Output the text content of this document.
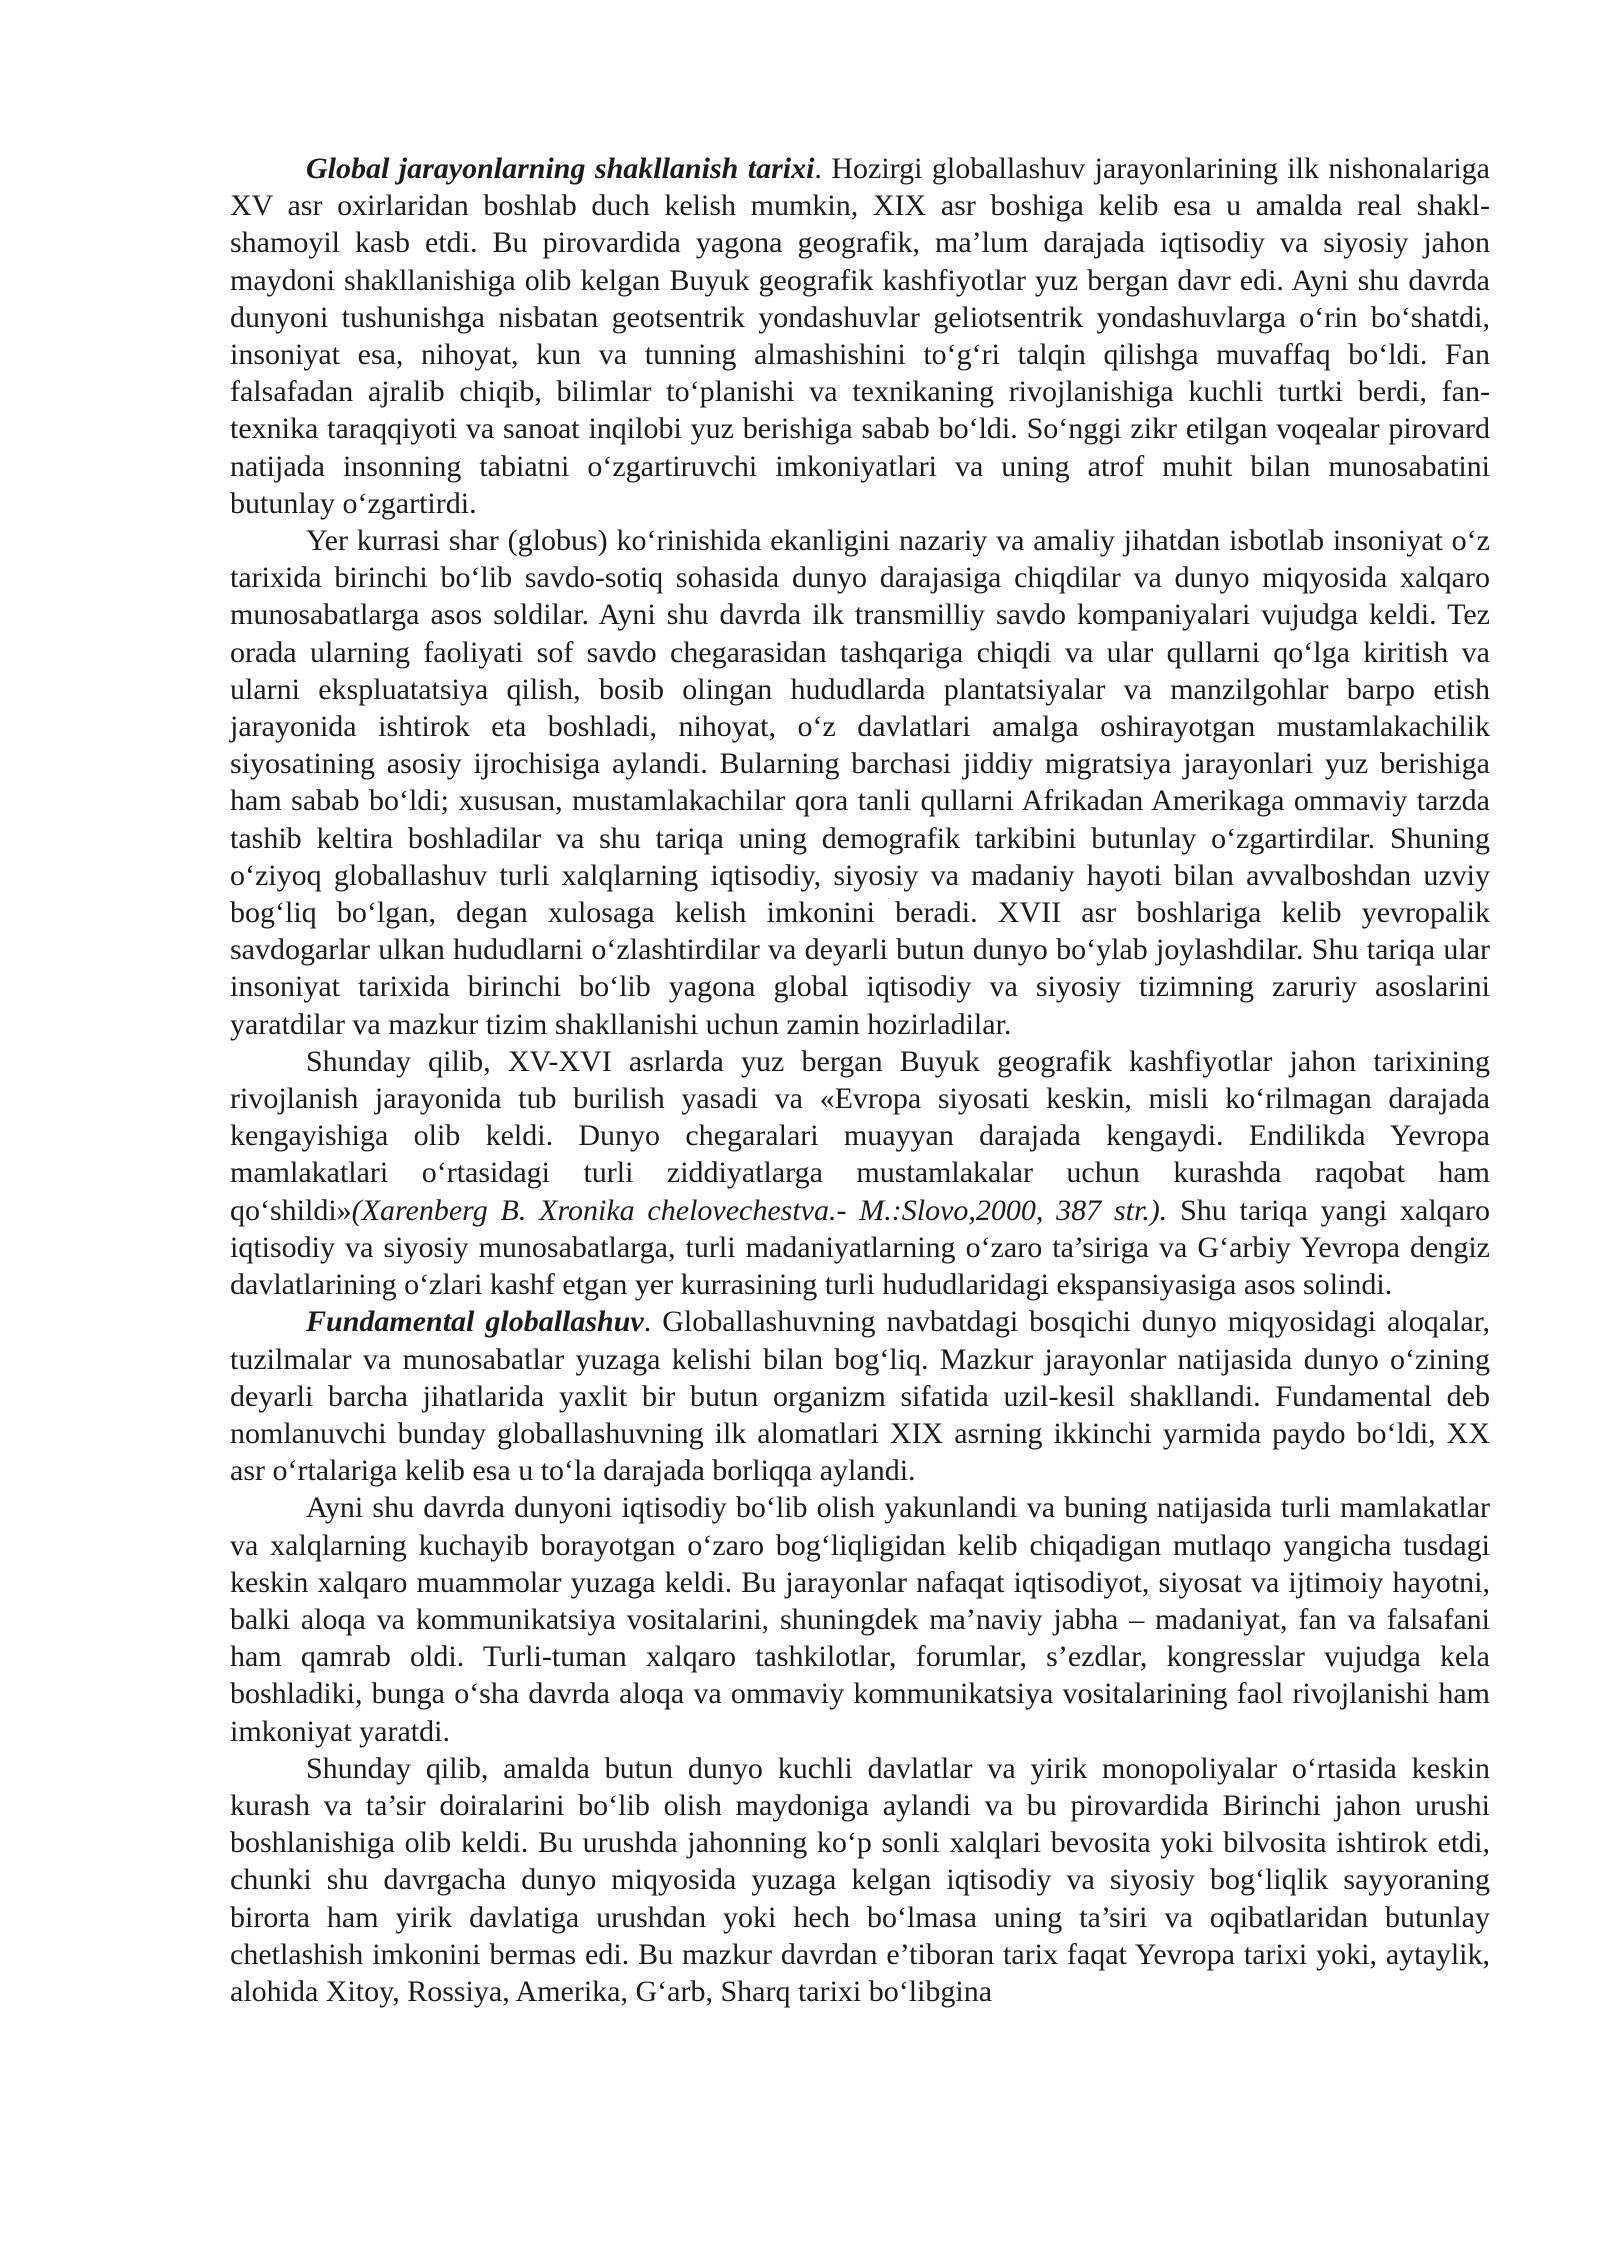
Global jarayonlarning shakllanish tarixi. Hozirgi globallashuv jarayonlarining ilk nishonalariga XV asr oxirlaridan boshlab duch kelish mumkin, XIX asr boshiga kelib esa u amalda real shakl-shamoyil kasb etdi. Bu pirovardida yagona geografik, ma’lum darajada iqtisodiy va siyosiy jahon maydoni shakllanishiga olib kelgan Buyuk geografik kashfiyotlar yuz bergan davr edi. Ayni shu davrda dunyoni tushunishga nisbatan geotsentrik yondashuvlar geliotsentrik yondashuvlarga o‘rin bo‘shatdi, insoniyat esa, nihoyat, kun va tunning almashishini to‘g‘ri talqin qilishga muvaffaq bo‘ldi. Fan falsafadan ajralib chiqib, bilimlar to‘planishi va texnikaning rivojlanishiga kuchli turtki berdi, fan-texnika taraqqiyoti va sanoat inqilobi yuz berishiga sabab bo‘ldi. So‘nggi zikr etilgan voqealar pirovard natijada insonning tabiatni o‘zgartiruvchi imkoniyatlari va uning atrof muhit bilan munosabatini butunlay o‘zgartirdi.

Yer kurrasi shar (globus) ko‘rinishida ekanligini nazariy va amaliy jihatdan isbotlab insoniyat o‘z tarixida birinchi bo‘lib savdo-sotiq sohasida dunyo darajasiga chiqdilar va dunyo miqyosida xalqaro munosabatlarga asos soldilar. Ayni shu davrda ilk transmilliy savdo kompaniyalari vujudga keldi. Tez orada ularning faoliyati sof savdo chegarasidan tashqariga chiqdi va ular qullarni qo‘lga kiritish va ularni ekspluatatsiya qilish, bosib olingan hududlarda plantatsiyalar va manzilgohlar barpo etish jarayonida ishtirok eta boshladi, nihoyat, o‘z davlatlari amalga oshirayotgan mustamlakachilik siyosatining asosiy ijrochisiga aylandi. Bularning barchasi jiddiy migratsiya jarayonlari yuz berishiga ham sabab bo‘ldi; xususan, mustamlakachilar qora tanli qullarni Afrikadan Amerikaga ommaviy tarzda tashib keltira boshladilar va shu tariqa uning demografik tarkibini butunlay o‘zgartirdilar. Shuning o‘ziyoq globallashuv turli xalqlarning iqtisodiy, siyosiy va madaniy hayoti bilan avvalboshdan uzviy bog‘liq bo‘lgan, degan xulosaga kelish imkonini beradi. XVII asr boshlariga kelib yevropalik savdogarlar ulkan hududlarni o‘zlashtirdilar va deyarli butun dunyo bo‘ylab joylashdilar. Shu tariqa ular insoniyat tarixida birinchi bo‘lib yagona global iqtisodiy va siyosiy tizimning zaruriy asoslarini yaratdilar va mazkur tizim shakllanishi uchun zamin hozirladilar.

Shunday qilib, XV-XVI asrlarda yuz bergan Buyuk geografik kashfiyotlar jahon tarixining rivojlanish jarayonida tub burilish yasadi va «Evropa siyosati keskin, misli ko‘rilmagan darajada kengayishiga olib keldi. Dunyo chegaralari muayyan darajada kengaydi. Endilikda Yevropa mamlakatlari o‘rtasidagi turli ziddiyatlarga mustamlakalar uchun kurashda raqobat ham qo‘shildi»(Xarenberg B. Xronika chelovechestva.- M.:Slovo,2000, 387 str.). Shu tariqa yangi xalqaro iqtisodiy va siyosiy munosabatlarga, turli madaniyatlarning o‘zaro ta’siriga va G‘arbiy Yevropa dengiz davlatlarining o‘zlari kashf etgan yer kurrasining turli hududlaridagi ekspansiyasiga asos solindi.

Fundamental globallashuv. Globallashuvning navbatdagi bosqichi dunyo miqyosidagi aloqalar, tuzilmalar va munosabatlar yuzaga kelishi bilan bog‘liq. Mazkur jarayonlar natijasida dunyo o‘zining deyarli barcha jihatlarida yaxlit bir butun organizm sifatida uzil-kesil shakllandi. Fundamental deb nomlanuvchi bunday globallashuvning ilk alomatlari XIX asrning ikkinchi yarmida paydo bo‘ldi, XX asr o‘rtalariga kelib esa u to‘la darajada borliqqa aylandi.

Ayni shu davrda dunyoni iqtisodiy bo‘lib olish yakunlandi va buning natijasida turli mamlakatlar va xalqlarning kuchayib borayotgan o‘zaro bog‘liqligidan kelib chiqadigan mutlaqo yangicha tusdagi keskin xalqaro muammolar yuzaga keldi. Bu jarayonlar nafaqat iqtisodiyot, siyosat va ijtimoiy hayotni, balki aloqa va kommunikatsiya vositalarini, shuningdek ma’naviy jabha – madaniyat, fan va falsafani ham qamrab oldi. Turli-tuman xalqaro tashkilotlar, forumlar, s’ezdlar, kongresslar vujudga kela boshladiki, bunga o‘sha davrda aloqa va ommaviy kommunikatsiya vositalarining faol rivojlanishi ham imkoniyat yaratdi.

Shunday qilib, amalda butun dunyo kuchli davlatlar va yirik monopoliyalar o‘rtasida keskin kurash va ta’sir doiralarini bo‘lib olish maydoniga aylandi va bu pirovardida Birinchi jahon urushi boshlanishiga olib keldi. Bu urushda jahonning ko‘p sonli xalqlari bevosita yoki bilvosita ishtirok etdi, chunki shu davrgacha dunyo miqyosida yuzaga kelgan iqtisodiy va siyosiy bog‘liqlik sayyoraning birorta ham yirik davlatiga urushdan yoki hech bo‘lmasa uning ta’siri va oqibatlaridan butunlay chetlashish imkonini bermas edi. Bu mazkur davrdan e’tiboran tarix faqat Yevropa tarixi yoki, aytaylik, alohida Xitoy, Rossiya, Amerika, G‘arb, Sharq tarixi bo‘libgina
